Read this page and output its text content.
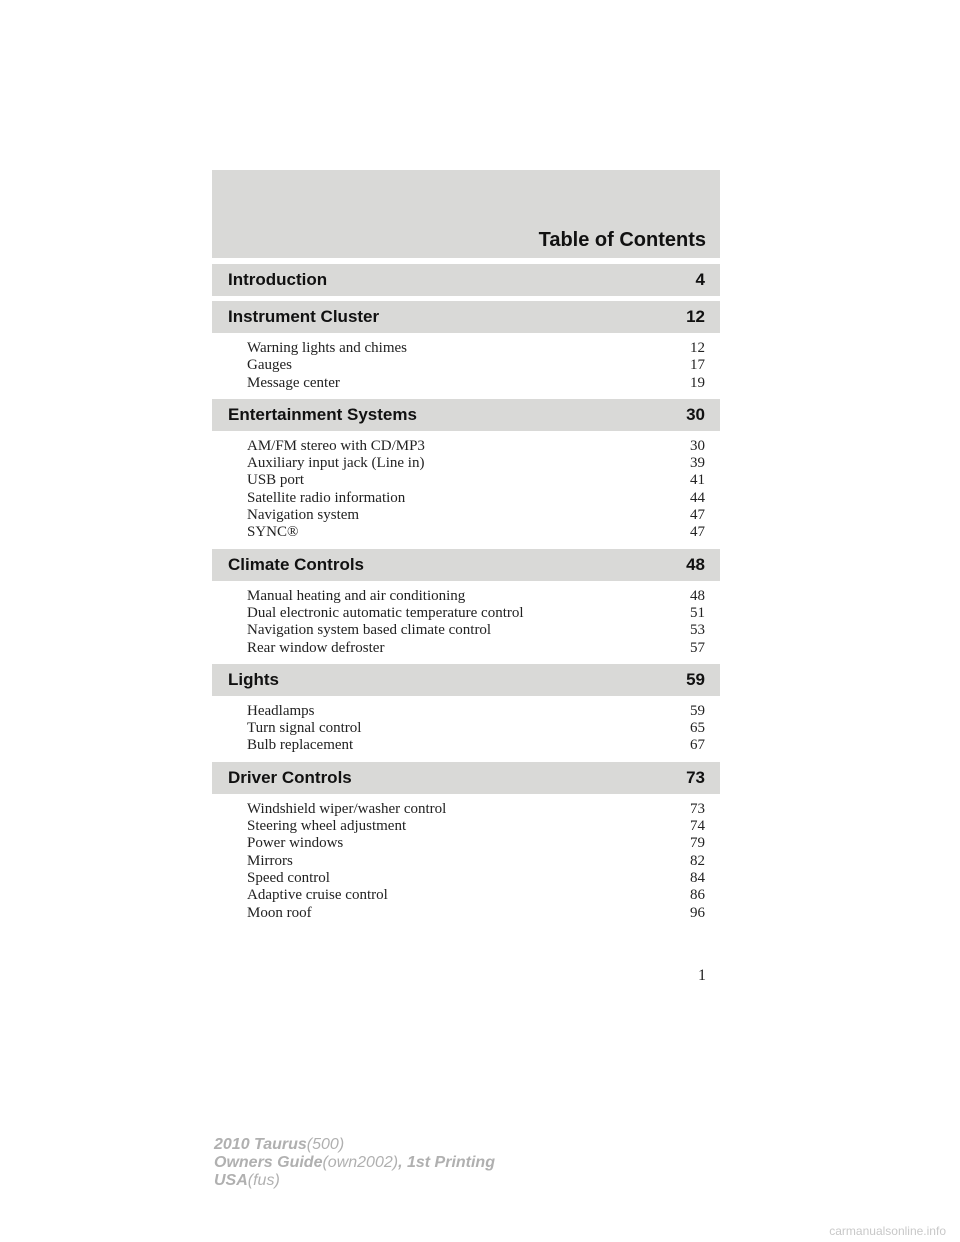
Table of Contents
Introduction	4
Instrument Cluster	12
Warning lights and chimes	12
Gauges	17
Message center	19
Entertainment Systems	30
AM/FM stereo with CD/MP3	30
Auxiliary input jack (Line in)	39
USB port	41
Satellite radio information	44
Navigation system	47
SYNC®	47
Climate Controls	48
Manual heating and air conditioning	48
Dual electronic automatic temperature control	51
Navigation system based climate control	53
Rear window defroster	57
Lights	59
Headlamps	59
Turn signal control	65
Bulb replacement	67
Driver Controls	73
Windshield wiper/washer control	73
Steering wheel adjustment	74
Power windows	79
Mirrors	82
Speed control	84
Adaptive cruise control	86
Moon roof	96
1
2010 Taurus(500)
Owners Guide(own2002), 1st Printing
USA(fus)
carmanualsonline.info
